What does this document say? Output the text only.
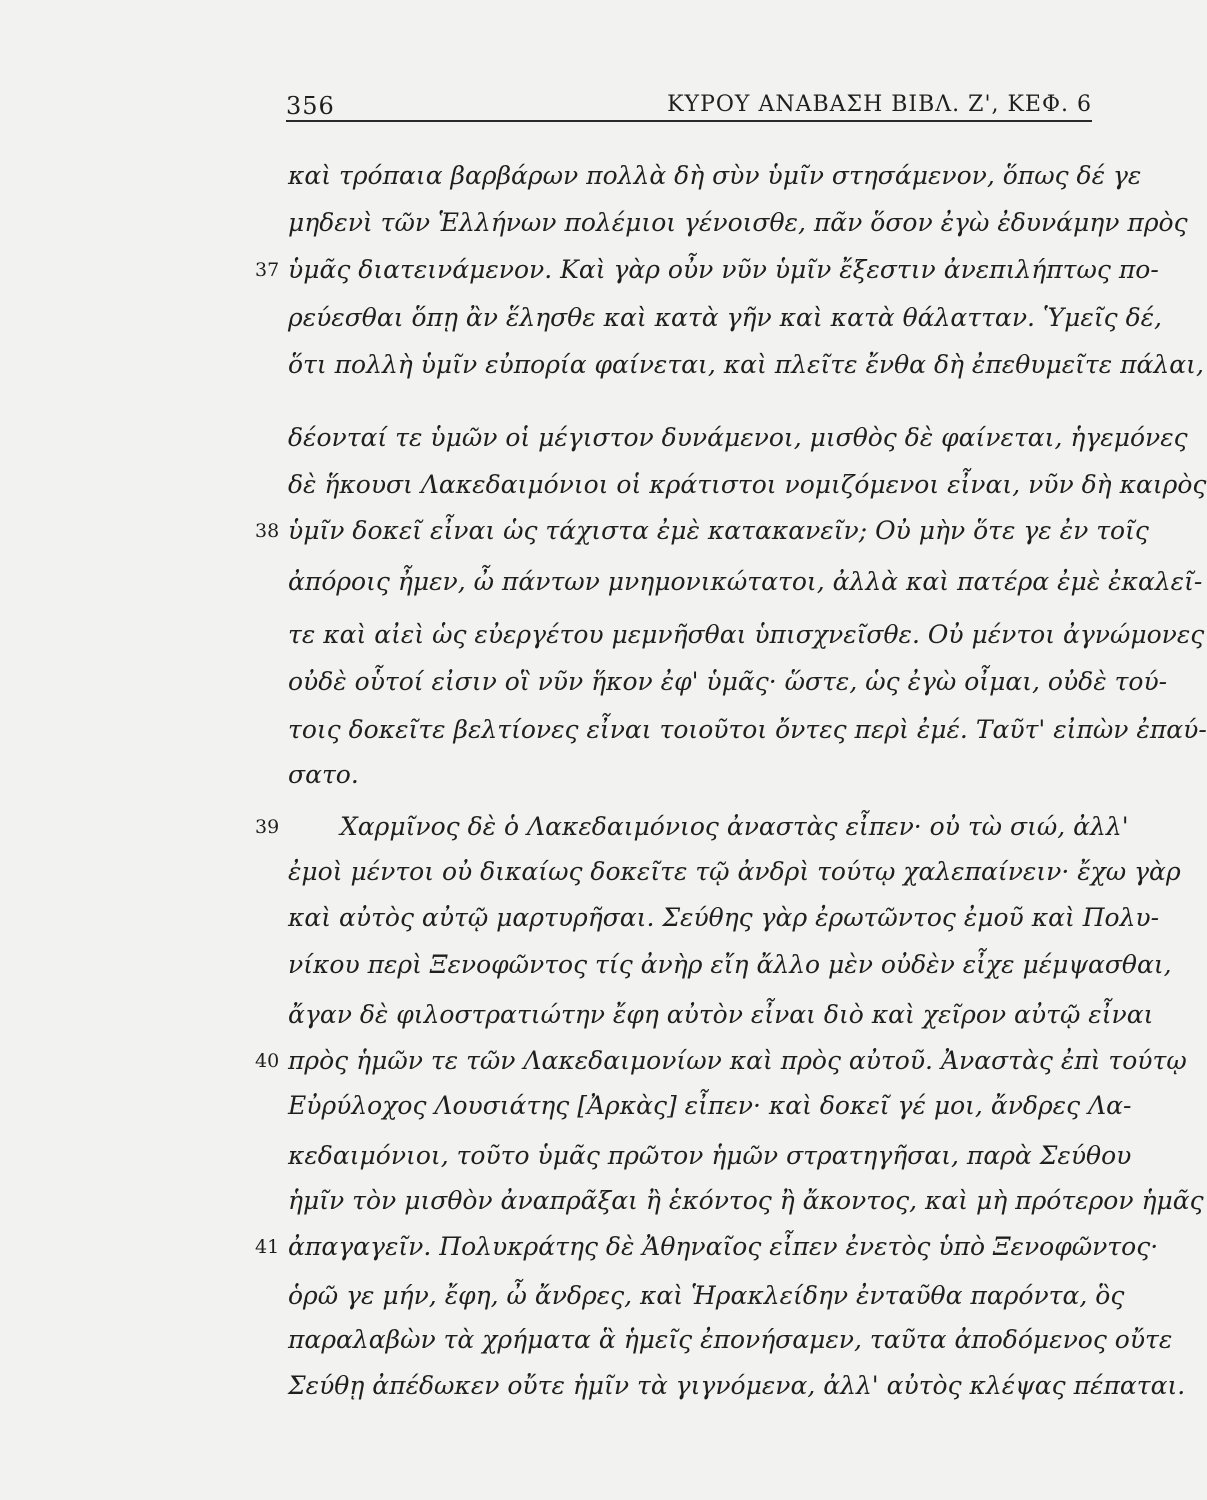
356	ΚΥΡΟΥ ΑΝΑΒΑΣΗ ΒΙΒΛ. Ζ', ΚΕΦ. 6
37
38
39
40
41
καὶ τρόπαια βαρβάρων πολλὰ δὴ σὺν ὑμῖν στησάμενον, ὅπως δέ γε
μηδενὶ τῶν Ἑλλήνων πολέμιοι γένοισθε, πᾶν ὅσον ἐγὼ ἐδυνάμην πρὸς
ὑμᾶς διατεινάμενον. Καὶ γὰρ οὖν νῦν ὑμῖν ἔξεστιν ἀνεπιλήπτως πο-
ρεύεσθαι ὅπῃ ἂν ἕλησθε καὶ κατὰ γῆν καὶ κατὰ θάλατταν. Ὑμεῖς δέ,
ὅτι πολλὴ ὑμῖν εὐπορία φαίνεται, καὶ πλεῖτε ἔνθα δὴ ἐπεθυμεῖτε πάλαι,
δέονταί τε ὑμῶν οἱ μέγιστον δυνάμενοι, μισθὸς δὲ φαίνεται, ἡγεμόνες
δὲ ἥκουσι Λακεδαιμόνιοι οἱ κράτιστοι νομιζόμενοι εἶναι, νῦν δὴ καιρὸς
ὑμῖν δοκεῖ εἶναι ὡς τάχιστα ἐμὲ κατακανεῖν; Οὐ μὴν ὅτε γε ἐν τοῖς
ἀπόροις ἦμεν, ὦ πάντων μνημονικώτατοι, ἀλλὰ καὶ πατέρα ἐμὲ ἐκαλεῖ-
τε καὶ αἰεὶ ὡς εὐεργέτου μεμνῆσθαι ὑπισχνεῖσθε. Οὐ μέντοι ἀγνώμονες
οὐδὲ οὗτοί εἰσιν οἳ νῦν ἥκον ἐφ' ὑμᾶς· ὥστε, ὡς ἐγὼ οἶμαι, οὐδὲ τού-
τοις δοκεῖτε βελτίονες εἶναι τοιοῦτοι ὄντες περὶ ἐμέ. Ταῦτ' εἰπὼν ἐπαύ-
σατο.
Χαρμῖνος δὲ ὁ Λακεδαιμόνιος ἀναστὰς εἶπεν· οὐ τὼ σιώ, ἀλλ'
ἐμοὶ μέντοι οὐ δικαίως δοκεῖτε τῷ ἀνδρὶ τούτῳ χαλεπαίνειν· ἔχω γὰρ
καὶ αὐτὸς αὐτῷ μαρτυρῆσαι. Σεύθης γὰρ ἐρωτῶντος ἐμοῦ καὶ Πολυ-
νίκου περὶ Ξενοφῶντος τίς ἀνὴρ εἴη ἄλλο μὲν οὐδὲν εἶχε μέμψασθαι,
ἄγαν δὲ φιλοστρατιώτην ἔφη αὐτὸν εἶναι διὸ καὶ χεῖρον αὐτῷ εἶναι
πρὸς ἡμῶν τε τῶν Λακεδαιμονίων καὶ πρὸς αὐτοῦ. Ἀναστὰς ἐπὶ τούτῳ
Εὐρύλοχος Λουσιάτης [Ἀρκὰς] εἶπεν· καὶ δοκεῖ γέ μοι, ἄνδρες Λα-
κεδαιμόνιοι, τοῦτο ὑμᾶς πρῶτον ἡμῶν στρατηγῆσαι, παρὰ Σεύθου
ἡμῖν τὸν μισθὸν ἀναπρᾶξαι ἢ ἑκόντος ἢ ἄκοντος, καὶ μὴ πρότερον ἡμᾶς
ἀπαγαγεῖν. Πολυκράτης δὲ Ἀθηναῖος εἶπεν ἐνετὸς ὑπὸ Ξενοφῶντος·
ὁρῶ γε μήν, ἔφη, ὦ ἄνδρες, καὶ Ἡρακλείδην ἐνταῦθα παρόντα, ὃς
παραλαβὼν τὰ χρήματα ἃ ἡμεῖς ἐπονήσαμεν, ταῦτα ἀποδόμενος οὔτε
Σεύθῃ ἀπέδωκεν οὔτε ἡμῖν τὰ γιγνόμενα, ἀλλ' αὐτὸς κλέψας πέπαται.
